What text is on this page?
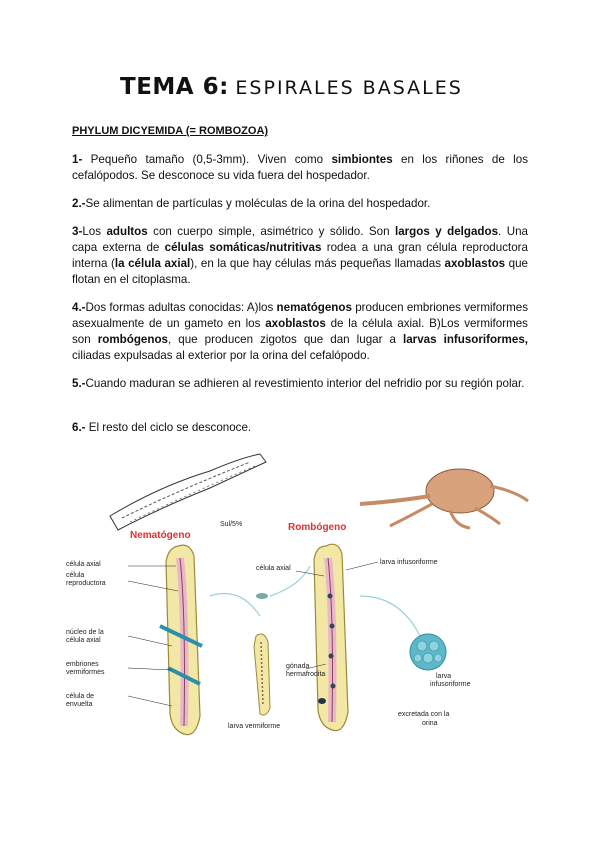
TEMA 6: ESPIRALES BASALES
PHYLUM DICYEMIDA (= ROMBOZOA)
1- Pequeño tamaño (0,5-3mm). Viven como simbiontes en los riñones de los cefalópodos. Se desconoce su vida fuera del hospedador.
2.-Se alimentan de partículas y moléculas de la orina del hospedador.
3-Los adultos con cuerpo simple, asimétrico y sólido. Son largos y delgados. Una capa externa de células somáticas/nutritivas rodea a una gran célula reproductora interna (la célula axial), en la que hay células más pequeñas llamadas axoblastos que flotan en el citoplasma.
4.-Dos formas adultas conocidas: A)los nematógenos producen embriones vermiformes asexualmente de un gameto en los axoblastos de la célula axial. B)Los vermiformes son rombógenos, que producen zigotos que dan lugar a larvas infusoriformes, ciliadas expulsadas al exterior por la orina del cefalópodo.
5.-Cuando maduran se adhieren al revestimiento interior del nefridio por su región polar.
6.- El resto del ciclo se desconoce.
Sul/5%
Nematógeno
Rombógeno
célula axial
célula
reproductora
núcleo de la
célula axial
embriones
vermiformes
célula de
envuelta
larva vermiforme
célula axial
gónada
hermafrodita
larva infusoriforme
larva
infusoriforme
excretada con la
orina
